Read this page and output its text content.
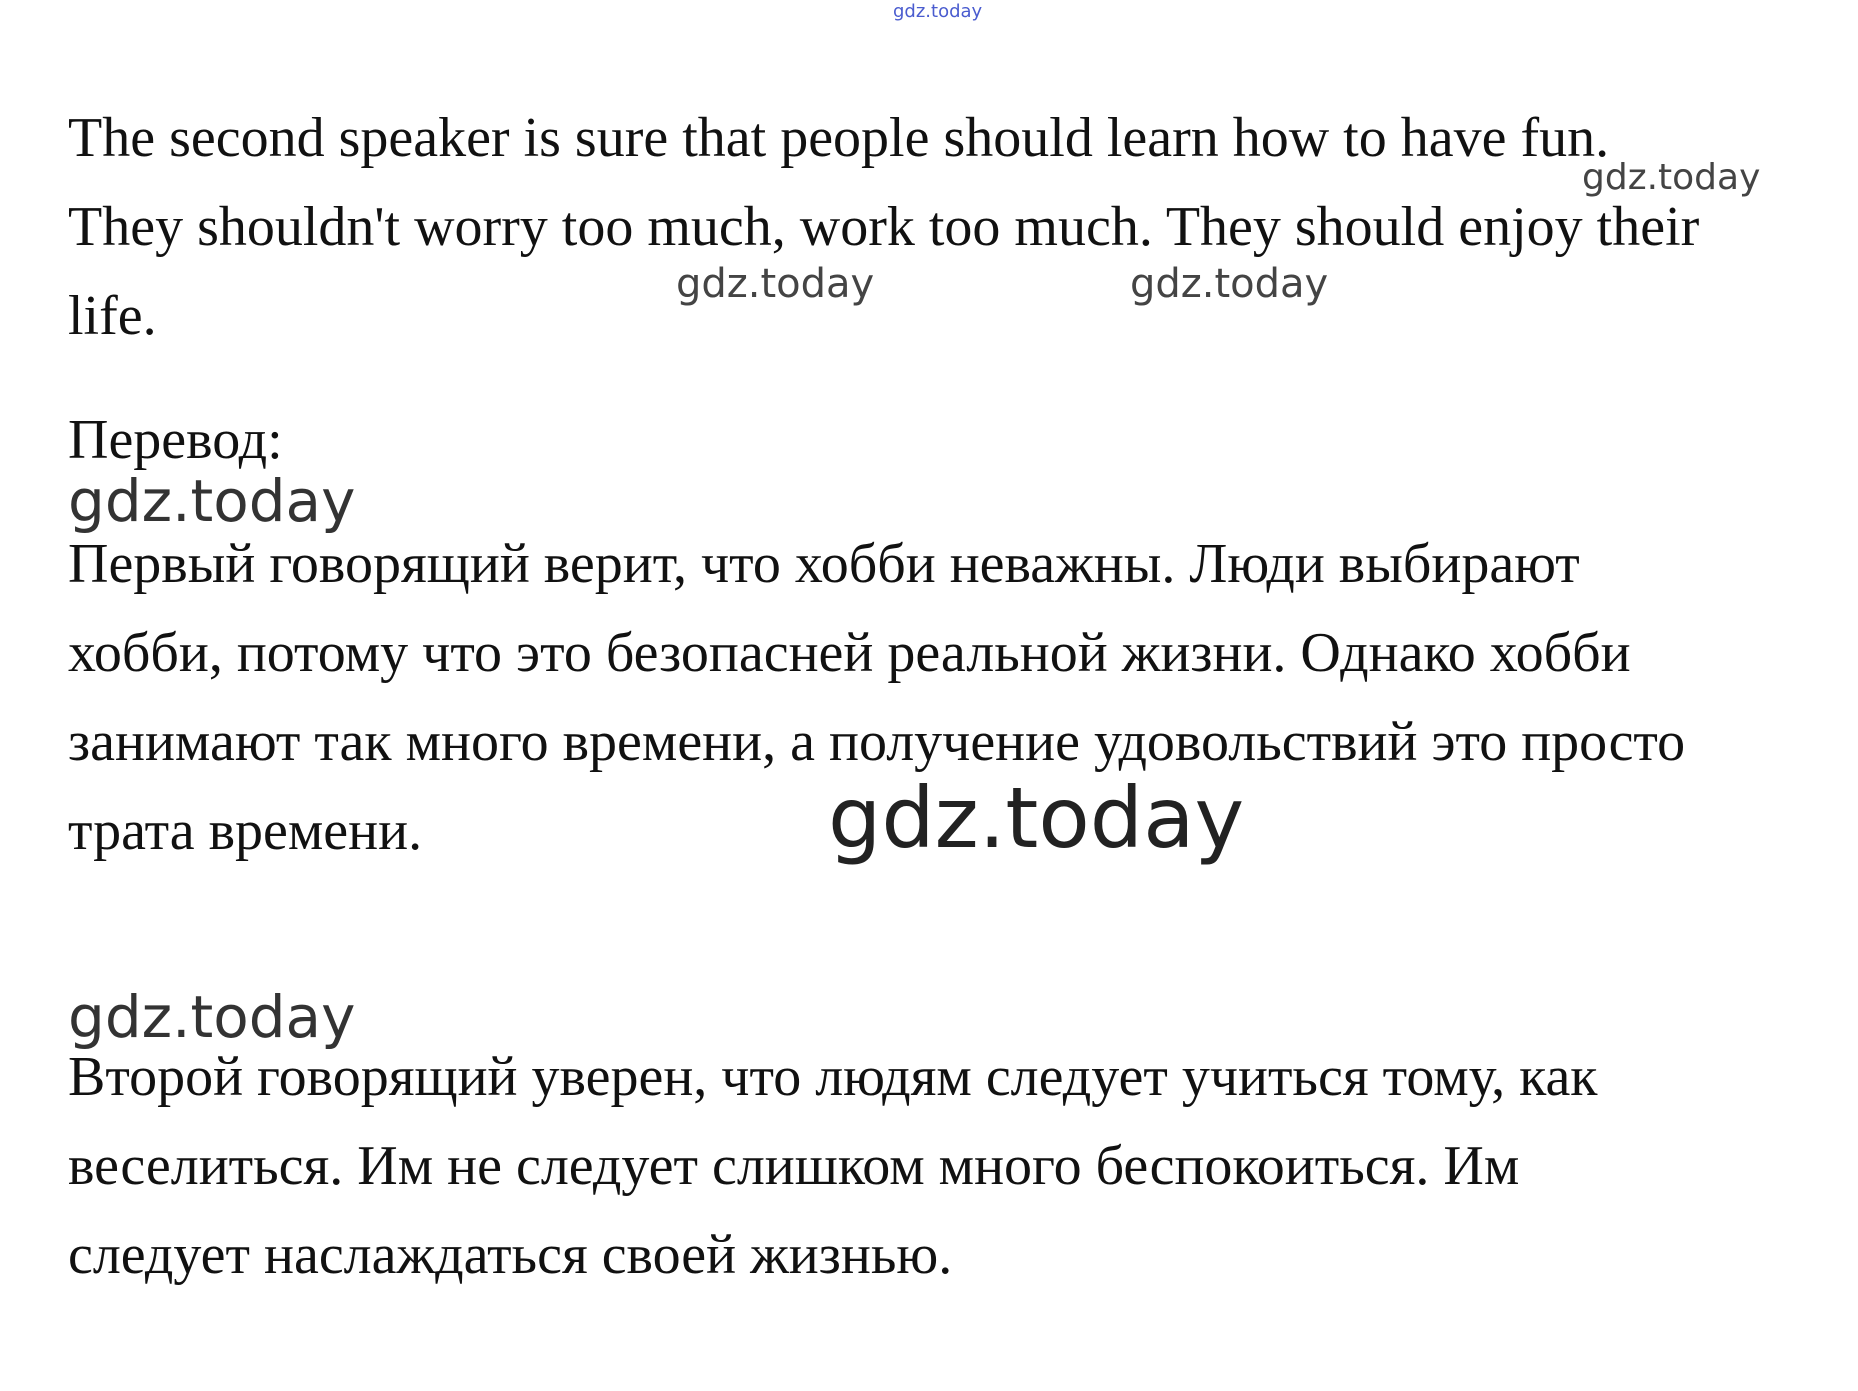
gdz.today
The second speaker is sure that people should learn how to have fun.
They shouldn't worry too much, work too much. They should enjoy their
life.
gdz.today
gdz.today	gdz.today
Перевод:
gdz.today
Первый говорящий верит, что хобби неважны. Люди выбирают
хобби, потому что это безопасней реальной жизни. Однако хобби
занимают так много времени, а получение удовольствий это просто
трата времени.	gdz.today
gdz.today
Второй говорящий уверен, что людям следует учиться тому, как
веселиться. Им не следует слишком много беспокоиться. Им
следует наслаждаться своей жизнью.
